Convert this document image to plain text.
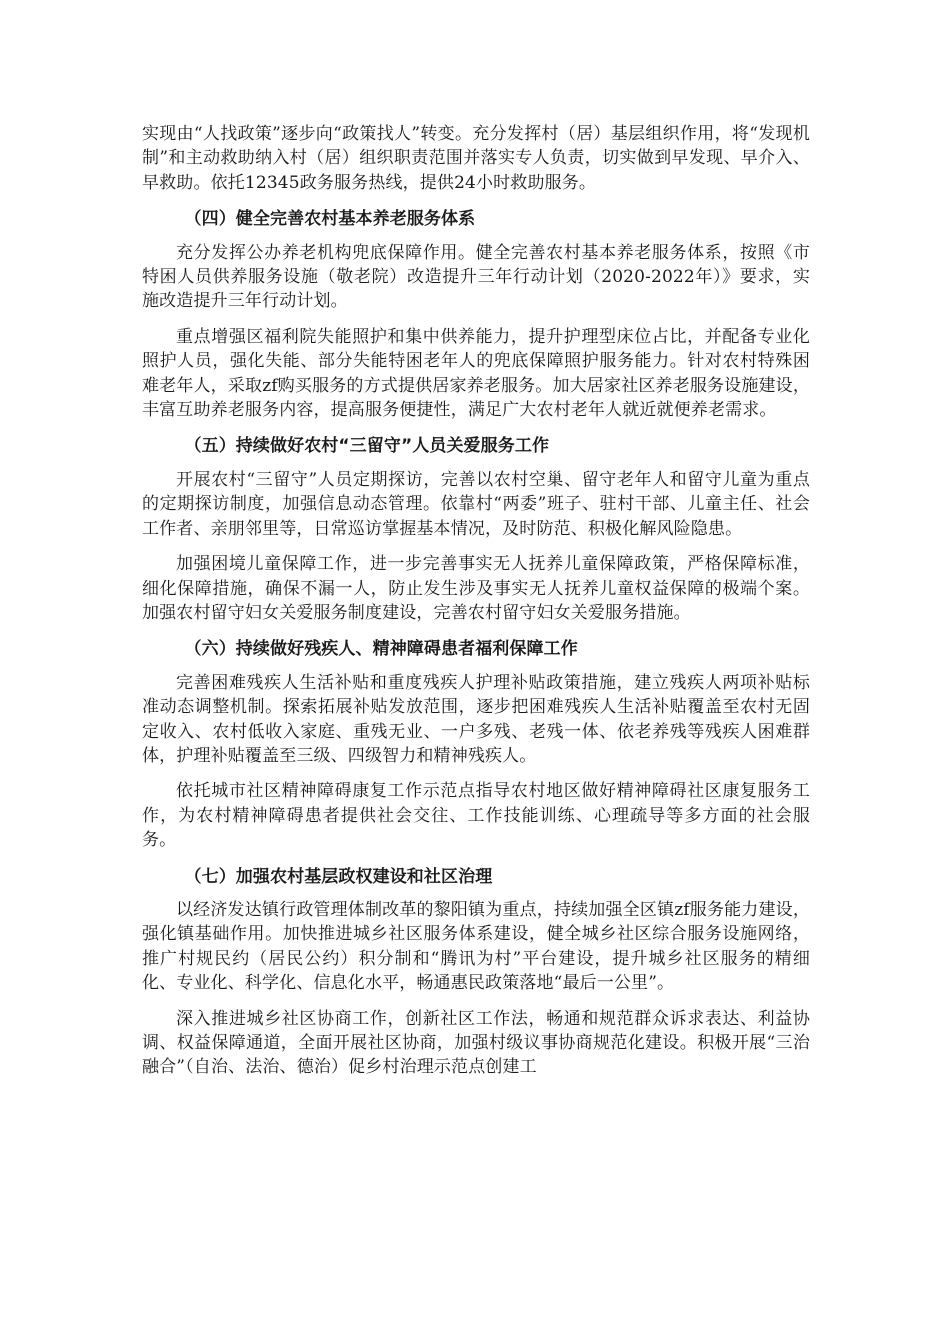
实现由“人找政策”逐步向“政策找人”转变。充分发挥村（居）基层组织作用，将“发现机制”和主动救助纳入村（居）组织职责范围并落实专人负责，切实做到早发现、早介入、早救助。依托12345政务服务热线，提供24小时救助服务。

（四）健全完善农村基本养老服务体系

充分发挥公办养老机构兜底保障作用。健全完善农村基本养老服务体系，按照《市特困人员供养服务设施（敬老院）改造提升三年行动计划（2020-2022年）》要求，实施改造提升三年行动计划。

重点增强区福利院失能照护和集中供养能力，提升护理型床位占比，并配备专业化照护人员，强化失能、部分失能特困老年人的兜底保障照护服务能力。针对农村特殊困难老年人，采取zf购买服务的方式提供居家养老服务。加大居家社区养老服务设施建设，丰富互助养老服务内容，提高服务便捷性，满足广大农村老年人就近就便养老需求。

（五）持续做好农村“三留守”人员关爱服务工作

开展农村“三留守”人员定期探访，完善以农村空巢、留守老年人和留守儿童为重点的定期探访制度，加强信息动态管理。依靠村“两委”班子、驻村干部、儿童主任、社会工作者、亲朋邻里等，日常巡访掌握基本情况，及时防范、积极化解风险隐患。

加强困境儿童保障工作，进一步完善事实无人抚养儿童保障政策，严格保障标准，细化保障措施，确保不漏一人，防止发生涉及事实无人抚养儿童权益保障的极端个案。加强农村留守妇女关爱服务制度建设，完善农村留守妇女关爱服务措施。

（六）持续做好残疾人、精神障碍患者福利保障工作

完善困难残疾人生活补贴和重度残疾人护理补贴政策措施，建立残疾人两项补贴标准动态调整机制。探索拓展补贴发放范围，逐步把困难残疾人生活补贴覆盖至农村无固定收入、农村低收入家庭、重残无业、一户多残、老残一体、依老养残等残疾人困难群体，护理补贴覆盖至三级、四级智力和精神残疾人。

依托城市社区精神障碍康复工作示范点指导农村地区做好精神障碍社区康复服务工作，为农村精神障碍患者提供社会交往、工作技能训练、心理疏导等多方面的社会服务。

（七）加强农村基层政权建设和社区治理

以经济发达镇行政管理体制改革的黎阳镇为重点，持续加强全区镇zf服务能力建设，强化镇基础作用。加快推进城乡社区服务体系建设，健全城乡社区综合服务设施网络，推广村规民约（居民公约）积分制和“腾讯为村”平台建设，提升城乡社区服务的精细化、专业化、科学化、信息化水平，畅通惠民政策落地“最后一公里”。

深入推进城乡社区协商工作，创新社区工作法，畅通和规范群众诉求表达、利益协调、权益保障通道，全面开展社区协商，加强村级议事协商规范化建设。积极开展“三治融合”（自治、法治、德治）促乡村治理示范点创建工
